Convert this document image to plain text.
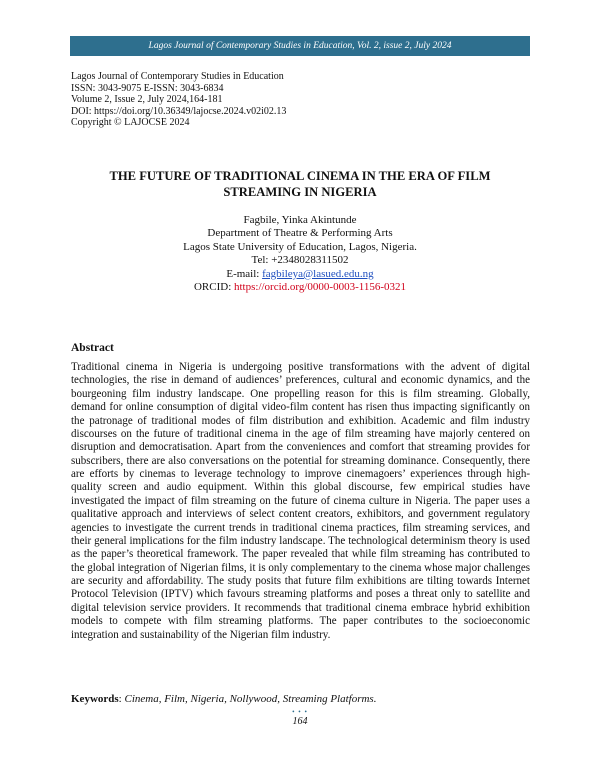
Lagos Journal of Contemporary Studies in Education, Vol. 2, issue 2, July 2024
Lagos Journal of Contemporary Studies in Education
ISSN: 3043-9075 E-ISSN: 3043-6834
Volume 2, Issue 2, July 2024,164-181
DOI: https://doi.org/10.36349/lajocse.2024.v02i02.13
Copyright © LAJOCSE 2024
THE FUTURE OF TRADITIONAL CINEMA IN THE ERA OF FILM STREAMING IN NIGERIA
Fagbile, Yinka Akintunde
Department of Theatre & Performing Arts
Lagos State University of Education, Lagos, Nigeria.
Tel: +2348028311502
E-mail: fagbileya@lasued.edu.ng
ORCID: https://orcid.org/0000-0003-1156-0321
Abstract
Traditional cinema in Nigeria is undergoing positive transformations with the advent of digital technologies, the rise in demand of audiences’ preferences, cultural and economic dynamics, and the bourgeoning film industry landscape. One propelling reason for this is film streaming. Globally, demand for online consumption of digital video-film content has risen thus impacting significantly on the patronage of traditional modes of film distribution and exhibition. Academic and film industry discourses on the future of traditional cinema in the age of film streaming have majorly centered on disruption and democratisation. Apart from the conveniences and comfort that streaming provides for subscribers, there are also conversations on the potential for streaming dominance. Consequently, there are efforts by cinemas to leverage technology to improve cinemagoers’ experiences through high-quality screen and audio equipment. Within this global discourse, few empirical studies have investigated the impact of film streaming on the future of cinema culture in Nigeria. The paper uses a qualitative approach and interviews of select content creators, exhibitors, and government regulatory agencies to investigate the current trends in traditional cinema practices, film streaming services, and their general implications for the film industry landscape. The technological determinism theory is used as the paper’s theoretical framework. The paper revealed that while film streaming has contributed to the global integration of Nigerian films, it is only complementary to the cinema whose major challenges are security and affordability. The study posits that future film exhibitions are tilting towards Internet Protocol Television (IPTV) which favours streaming platforms and poses a threat only to satellite and digital television service providers. It recommends that traditional cinema embrace hybrid exhibition models to compete with film streaming platforms. The paper contributes to the socioeconomic integration and sustainability of the Nigerian film industry.
Keywords: Cinema, Film, Nigeria, Nollywood, Streaming Platforms.
• • •
164
